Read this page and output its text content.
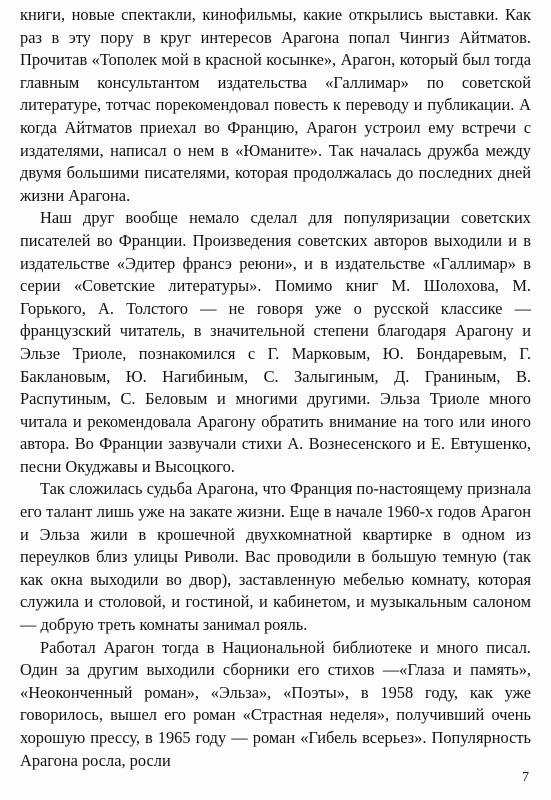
книги, новые спектакли, кинофильмы, какие открылись выставки. Как раз в эту пору в круг интересов Арагона попал Чингиз Айтматов. Прочитав «Тополек мой в красной косынке», Арагон, который был тогда главным консультантом издательства «Галлимар» по советской литературе, тотчас порекомендовал повесть к переводу и публикации. А когда Айтматов приехал во Францию, Арагон устроил ему встречи с издателями, написал о нем в «Юманите». Так началась дружба между двумя большими писателями, которая продолжалась до последних дней жизни Арагона.

Наш друг вообще немало сделал для популяризации советских писателей во Франции. Произведения советских авторов выходили и в издательстве «Эдитер франсэ реюни», и в издательстве «Галлимар» в серии «Советские литературы». Помимо книг М. Шолохова, М. Горького, А. Толстого — не говоря уже о русской классике — французский читатель, в значительной степени благодаря Арагону и Эльзе Триоле, познакомился с Г. Марковым, Ю. Бондаревым, Г. Баклановым, Ю. Нагибиным, С. Залыгиным, Д. Граниным, В. Распутиным, С. Беловым и многими другими. Эльза Триоле много читала и рекомендовала Арагону обратить внимание на того или иного автора. Во Франции зазвучали стихи А. Вознесенского и Е. Евтушенко, песни Окуджавы и Высоцкого.

Так сложилась судьба Арагона, что Франция по-настоящему признала его талант лишь уже на закате жизни. Еще в начале 1960-х годов Арагон и Эльза жили в крошечной двухкомнатной квартирке в одном из переулков близ улицы Риволи. Вас проводили в большую темную (так как окна выходили во двор), заставленную мебелью комнату, которая служила и столовой, и гостиной, и кабинетом, и музыкальным салоном — добрую треть комнаты занимал рояль.

Работал Арагон тогда в Национальной библиотеке и много писал. Один за другим выходили сборники его стихов —«Глаза и память», «Неоконченный роман», «Эльза», «Поэты», в 1958 году, как уже говорилось, вышел его роман «Страстная неделя», получивший очень хорошую прессу, в 1965 году — роман «Гибель всерьез». Популярность Арагона росла, росли

7
